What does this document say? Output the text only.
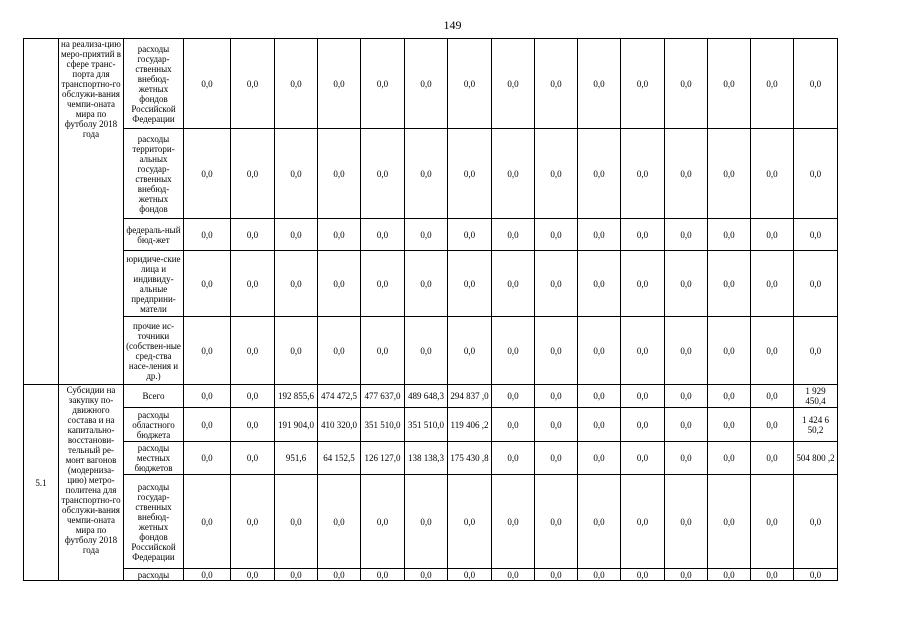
149
	на реализа-цию меро-приятий в сфере транс-порта для транспортно-го обслужи-вания чемпи-оната мира по футболу 2018 года	расходы государ-ственных внебюд-жетных фондов Российской Федерации	0,0	0,0	0,0	0,0	0,0	0,0	0,0	0,0	0,0	0,0	0,0	0,0	0,0	0,0	0,0
		расходы территори-альных государ-ственных внебюд-жетных фондов	0,0	0,0	0,0	0,0	0,0	0,0	0,0	0,0	0,0	0,0	0,0	0,0	0,0	0,0	0,0
		федераль-ный бюд-жет	0,0	0,0	0,0	0,0	0,0	0,0	0,0	0,0	0,0	0,0	0,0	0,0	0,0	0,0	0,0
		юридиче-ские лица и индивиду-альные предприни-матели	0,0	0,0	0,0	0,0	0,0	0,0	0,0	0,0	0,0	0,0	0,0	0,0	0,0	0,0	0,0
		прочие ис-точники (собствен-ные сред-ства насе-ления и др.)	0,0	0,0	0,0	0,0	0,0	0,0	0,0	0,0	0,0	0,0	0,0	0,0	0,0	0,0	0,0
5.1	Субсидии на закупку по-движного состава и на капитально-восстанови-тельный ре-монт вагонов (модерниза-цию) метро-политена для транспортно-го обслужи-вания чемпи-оната мира по футболу 2018 года	Всего	0,0	0,0	192 855,6	474 472,5	477 637,0	489 648,3	294 837 ,0	0,0	0,0	0,0	0,0	0,0	0,0	0,0	1 929 450,4
		расходы областного бюджета	0,0	0,0	191 904,0	410 320,0	351 510,0	351 510,0	119 406 ,2	0,0	0,0	0,0	0,0	0,0	0,0	0,0	1 424 6 50,2
		расходы местных бюджетов	0,0	0,0	951,6	64 152,5	126 127,0	138 138,3	175 430 ,8	0,0	0,0	0,0	0,0	0,0	0,0	0,0	504 800 ,2
		расходы государ-ственных внебюд-жетных фондов Российской Федерации	0,0	0,0	0,0	0,0	0,0	0,0	0,0	0,0	0,0	0,0	0,0	0,0	0,0	0,0	0,0
		расходы	0,0	0,0	0,0	0,0	0,0	0,0	0,0	0,0	0,0	0,0	0,0	0,0	0,0	0,0	0,0
